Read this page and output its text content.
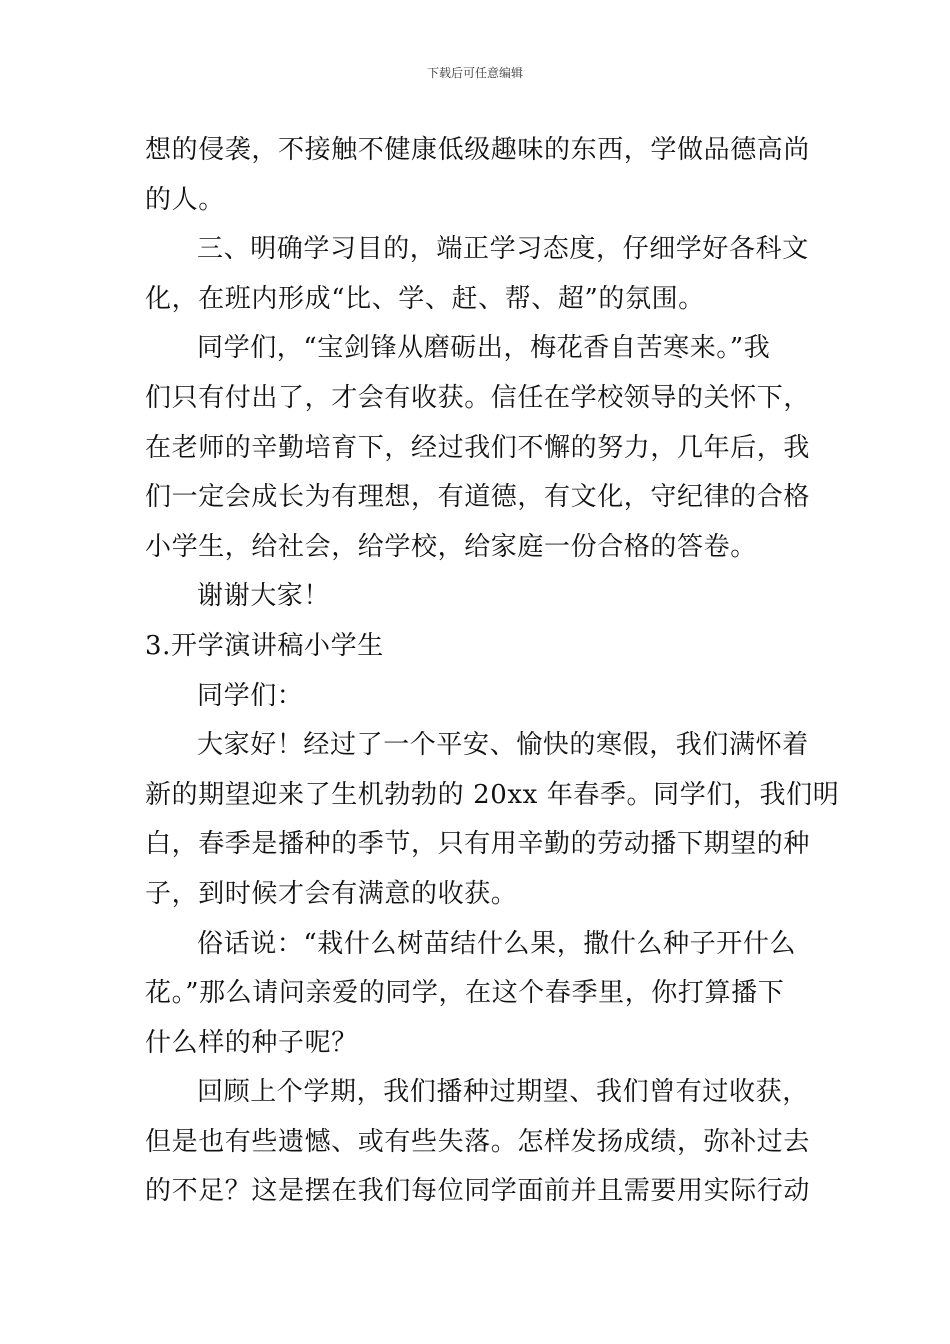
下载后可任意编辑

想的侵袭，不接触不健康低级趣味的东西，学做品德高尚
的人。

三、明确学习目的，端正学习态度，仔细学好各科文
化，在班内形成“比、学、赶、帮、超”的氛围。

同学们，“宝剑锋从磨砺出，梅花香自苦寒来。”我
们只有付出了，才会有收获。信任在学校领导的关怀下，
在老师的辛勤培育下，经过我们不懈的努力，几年后，我
们一定会成长为有理想，有道德，有文化，守纪律的合格
小学生，给社会，给学校，给家庭一份合格的答卷。

谢谢大家！

3.开学演讲稿小学生

同学们：

大家好！经过了一个平安、愉快的寒假，我们满怀着
新的期望迎来了生机勃勃的 20xx 年春季。同学们，我们明
白，春季是播种的季节，只有用辛勤的劳动播下期望的种
子，到时候才会有满意的收获。

俗话说：“栽什么树苗结什么果，撒什么种子开什么
花。”那么请问亲爱的同学，在这个春季里，你打算播下
什么样的种子呢？

回顾上个学期，我们播种过期望、我们曾有过收获，
但是也有些遗憾、或有些失落。怎样发扬成绩，弥补过去
的不足？这是摆在我们每位同学面前并且需要用实际行动
